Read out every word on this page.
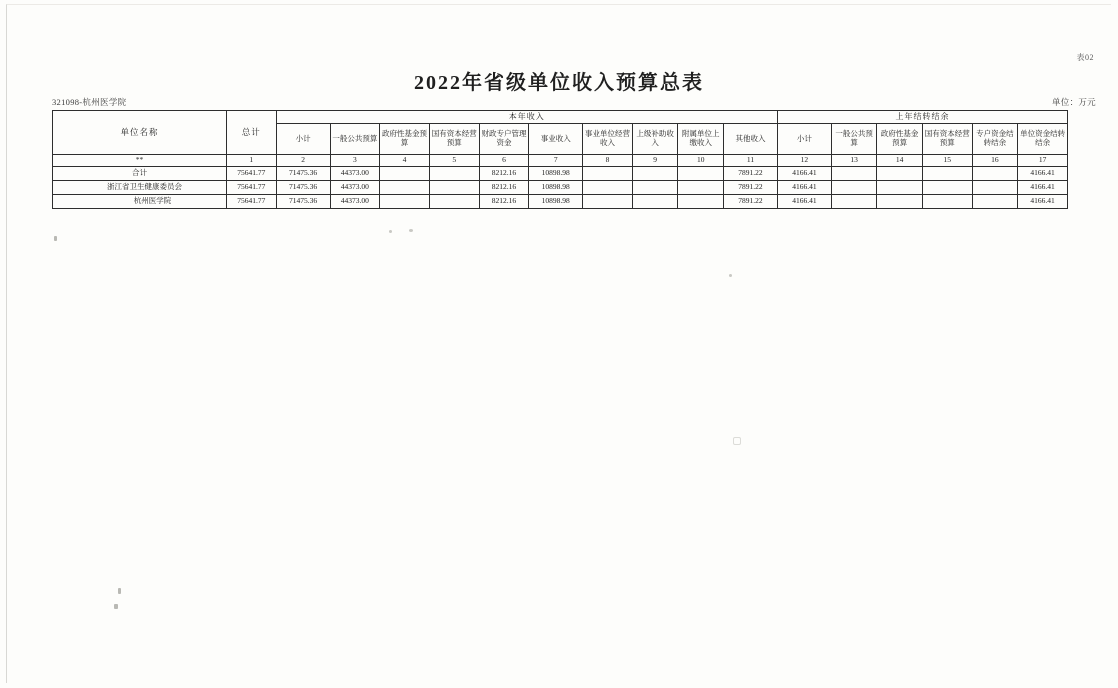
表02
2022年省级单位收入预算总表
321098-杭州医学院	单位：万元
单位名称	总计	本年收入										上年结转结余					
		小计	一般公共预算	政府性基金预算	国有资本经营预算	财政专户管理资金	事业收入	事业单位经营收入	上级补助收入	附属单位上缴收入	其他收入	小计	一般公共预算	政府性基金预算	国有资本经营预算	专户资金结转结余	单位资金结转结余
**	1	2	3	4	5	6	7	8	9	10	11	12	13	14	15	16	17
合计	75641.77	71475.36	44373.00			8212.16	10898.98				7891.22	4166.41					4166.41
浙江省卫生健康委员会	75641.77	71475.36	44373.00			8212.16	10898.98				7891.22	4166.41					4166.41
杭州医学院	75641.77	71475.36	44373.00			8212.16	10898.98				7891.22	4166.41					4166.41
